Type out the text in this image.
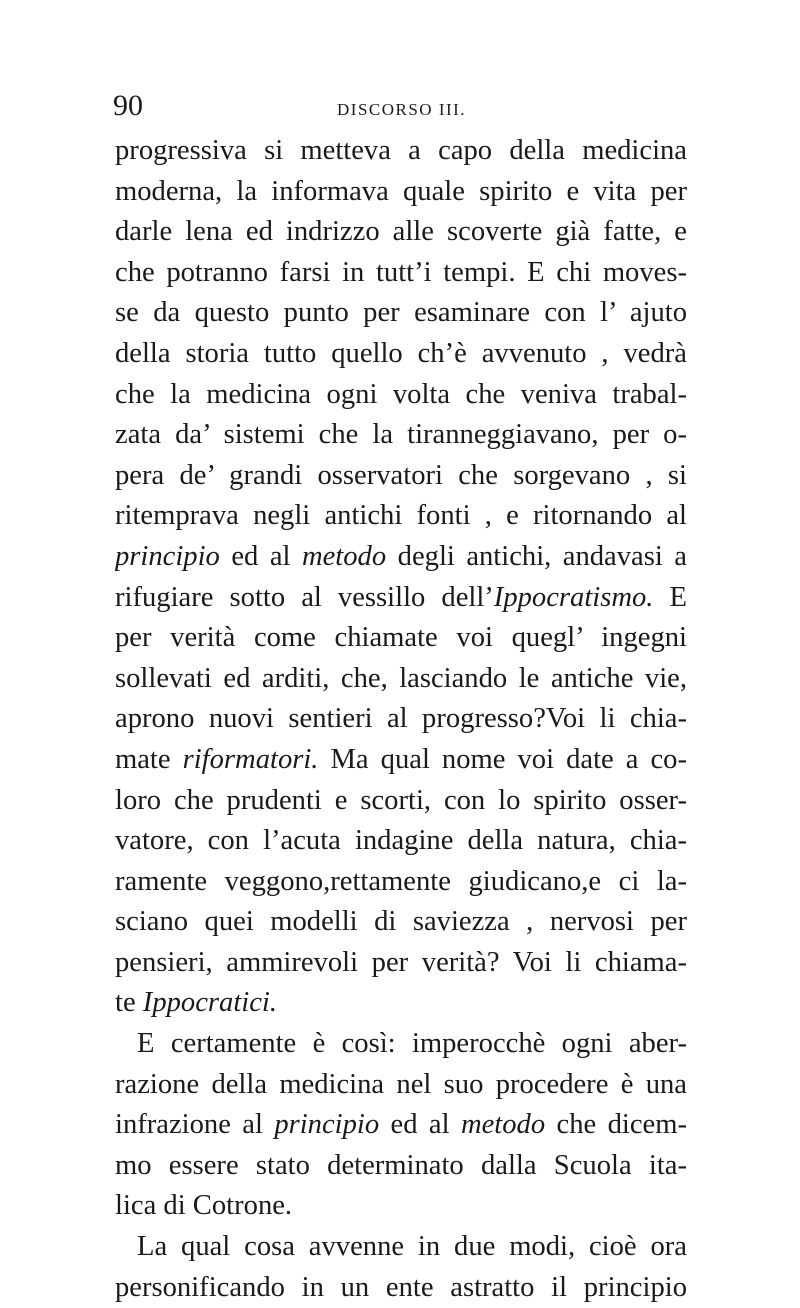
90	DISCORSO III.
progressiva si metteva a capo della medicina
moderna, la informava quale spirito e vita per
darle lena ed indrizzo alle scoverte già fatte, e
che potranno farsi in tutt’i tempi. E chi moves-
se da questo punto per esaminare con l’ ajuto
della storia tutto quello ch’è avvenuto , vedrà
che la medicina ogni volta che veniva trabal-
zata da’ sistemi che la tiranneggiavano, per o-
pera de’ grandi osservatori che sorgevano , si
ritemprava negli antichi fonti , e ritornando al
principio ed al metodo degli antichi, andavasi a
rifugiare sotto al vessillo dell’Ippocratismo. E
per verità come chiamate voi quegl’ ingegni
sollevati ed arditi, che, lasciando le antiche vie,
aprono nuovi sentieri al progresso?Voi li chia-
mate riformatori. Ma qual nome voi date a co-
loro che prudenti e scorti, con lo spirito osser-
vatore, con l’acuta indagine della natura, chia-
ramente veggono,rettamente giudicano,e ci la-
sciano quei modelli di saviezza , nervosi per
pensieri, ammirevoli per verità? Voi li chiama-
te Ippocratici.
E certamente è così: imperocchè ogni aber-
razione della medicina nel suo procedere è una
infrazione al principio ed al metodo che dicem-
mo essere stato determinato dalla Scuola ita-
lica di Cotrone.
La qual cosa avvenne in due modi, cioè ora
personificando in un ente astratto il principio
